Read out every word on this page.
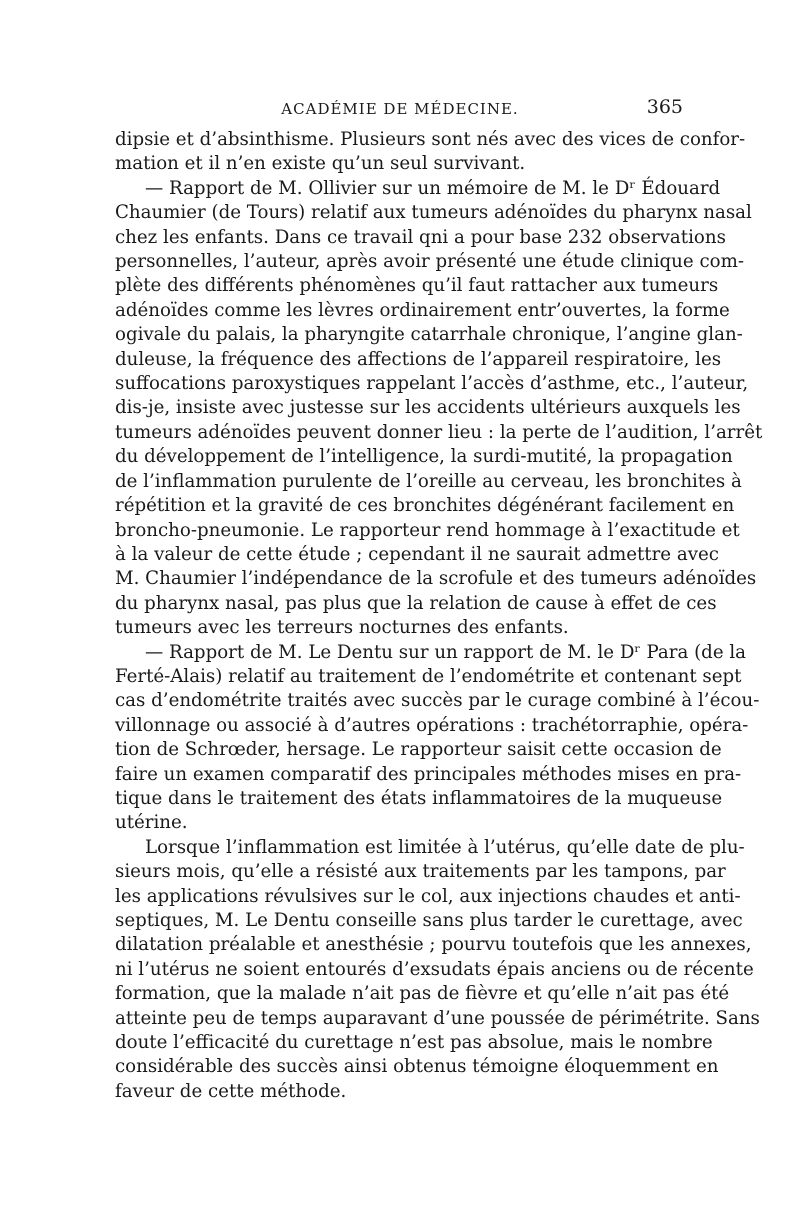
ACADÉMIE DE MÉDECINE.	365

dipsie et d’absinthisme. Plusieurs sont nés avec des vices de confor-
mation et il n’en existe qu’un seul survivant.

— Rapport de M. Ollivier sur un mémoire de M. le Dʳ Édouard
Chaumier (de Tours) relatif aux tumeurs adénoïdes du pharynx nasal
chez les enfants. Dans ce travail qni a pour base 232 observations
personnelles, l’auteur, après avoir présenté une étude clinique com-
plète des différents phénomènes qu’il faut rattacher aux tumeurs
adénoïdes comme les lèvres ordinairement entr’ouvertes, la forme
ogivale du palais, la pharyngite catarrhale chronique, l’angine glan-
duleuse, la fréquence des affections de l’appareil respiratoire, les
suffocations paroxystiques rappelant l’accès d’asthme, etc., l’auteur,
dis-je, insiste avec justesse sur les accidents ultérieurs auxquels les
tumeurs adénoïdes peuvent donner lieu : la perte de l’audition, l’arrêt
du développement de l’intelligence, la surdi-mutité, la propagation
de l’inflammation purulente de l’oreille au cerveau, les bronchites à
répétition et la gravité de ces bronchites dégénérant facilement en
broncho-pneumonie. Le rapporteur rend hommage à l’exactitude et
à la valeur de cette étude ; cependant il ne saurait admettre avec
M. Chaumier l’indépendance de la scrofule et des tumeurs adénoïdes
du pharynx nasal, pas plus que la relation de cause à effet de ces
tumeurs avec les terreurs nocturnes des enfants.

— Rapport de M. Le Dentu sur un rapport de M. le Dʳ Para (de la
Ferté-Alais) relatif au traitement de l’endométrite et contenant sept
cas d’endométrite traités avec succès par le curage combiné à l’écou-
villonnage ou associé à d’autres opérations : trachétorraphie, opéra-
tion de Schrœder, hersage. Le rapporteur saisit cette occasion de
faire un examen comparatif des principales méthodes mises en pra-
tique dans le traitement des états inflammatoires de la muqueuse
utérine.

Lorsque l’inflammation est limitée à l’utérus, qu’elle date de plu-
sieurs mois, qu’elle a résisté aux traitements par les tampons, par
les applications révulsives sur le col, aux injections chaudes et anti-
septiques, M. Le Dentu conseille sans plus tarder le curettage, avec
dilatation préalable et anesthésie ; pourvu toutefois que les annexes,
ni l’utérus ne soient entourés d’exsudats épais anciens ou de récente
formation, que la malade n’ait pas de fièvre et qu’elle n’ait pas été
atteinte peu de temps auparavant d’une poussée de périmétrite. Sans
doute l’efficacité du curettage n’est pas absolue, mais le nombre
considérable des succès ainsi obtenus témoigne éloquemment en
faveur de cette méthode.
